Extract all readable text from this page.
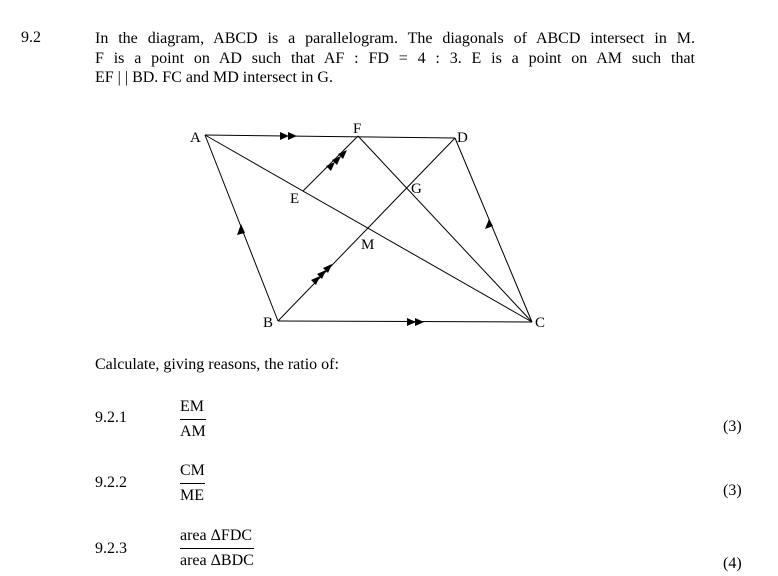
9.2	In the diagram, ABCD is a parallelogram. The diagonals of ABCD intersect in M.
F is a point on AD such that AF : FD = 4 : 3. E is a point on AM such that
EF | | BD. FC and MD intersect in G.
A
F
D
E
G
M
B	C
Calculate, giving reasons, the ratio of:
9.2.1
EM
AM	(3)
9.2.2
CM
ME	(3)
9.2.3
area ΔFDC
area ΔBDC	(4)
